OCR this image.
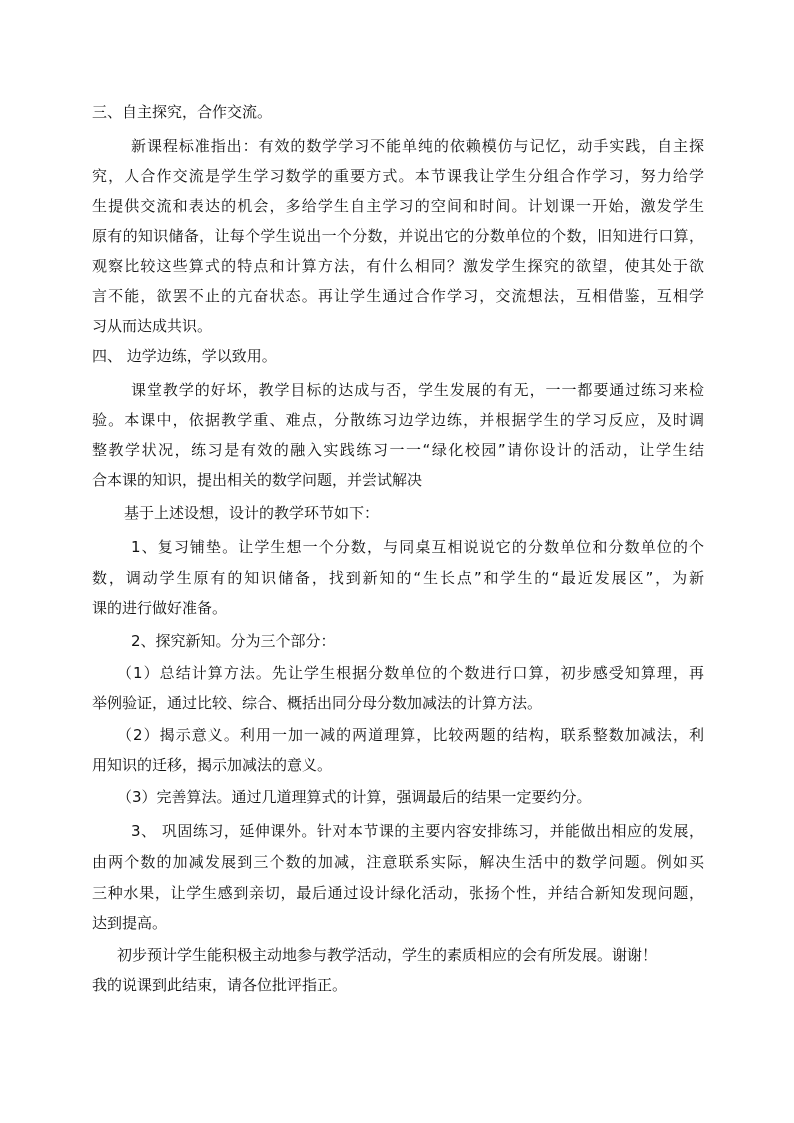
三、自主探究，合作交流。
新课程标准指出：有效的数学学习不能单纯的依赖模仿与记忆，动手实践，自主探
究，人合作交流是学生学习数学的重要方式。本节课我让学生分组合作学习，努力给学
生提供交流和表达的机会，多给学生自主学习的空间和时间。计划课一开始，激发学生
原有的知识储备，让每个学生说出一个分数，并说出它的分数单位的个数，旧知进行口算，
观察比较这些算式的特点和计算方法，有什么相同？激发学生探究的欲望，使其处于欲
言不能，欲罢不止的亢奋状态。再让学生通过合作学习，交流想法，互相借鉴，互相学
习从而达成共识。
四、 边学边练，学以致用。
课堂教学的好坏，教学目标的达成与否，学生发展的有无，一一都要通过练习来检
验。本课中，依据教学重、难点，分散练习边学边练，并根据学生的学习反应，及时调
整教学状况，练习是有效的融入实践练习一一“绿化校园”请你设计的活动，让学生结
合本课的知识，提出相关的数学问题，并尝试解决
基于上述设想，设计的教学环节如下：
1、复习铺垫。让学生想一个分数，与同桌互相说说它的分数单位和分数单位的个
数，调动学生原有的知识储备，找到新知的“生长点”和学生的“最近发展区”，为新
课的进行做好准备。
2、探究新知。分为三个部分：
（1）总结计算方法。先让学生根据分数单位的个数进行口算，初步感受知算理，再
举例验证，通过比较、综合、概括出同分母分数加减法的计算方法。
（2）揭示意义。利用一加一减的两道理算，比较两题的结构，联系整数加减法，利
用知识的迁移，揭示加减法的意义。
（3）完善算法。通过几道理算式的计算，强调最后的结果一定要约分。
3、 巩固练习，延伸课外。针对本节课的主要内容安排练习，并能做出相应的发展，
由两个数的加减发展到三个数的加减，注意联系实际，解决生活中的数学问题。例如买
三种水果，让学生感到亲切，最后通过设计绿化活动，张扬个性，并结合新知发现问题，
达到提高。
初步预计学生能积极主动地参与教学活动，学生的素质相应的会有所发展。谢谢！
我的说课到此结束，请各位批评指正。
